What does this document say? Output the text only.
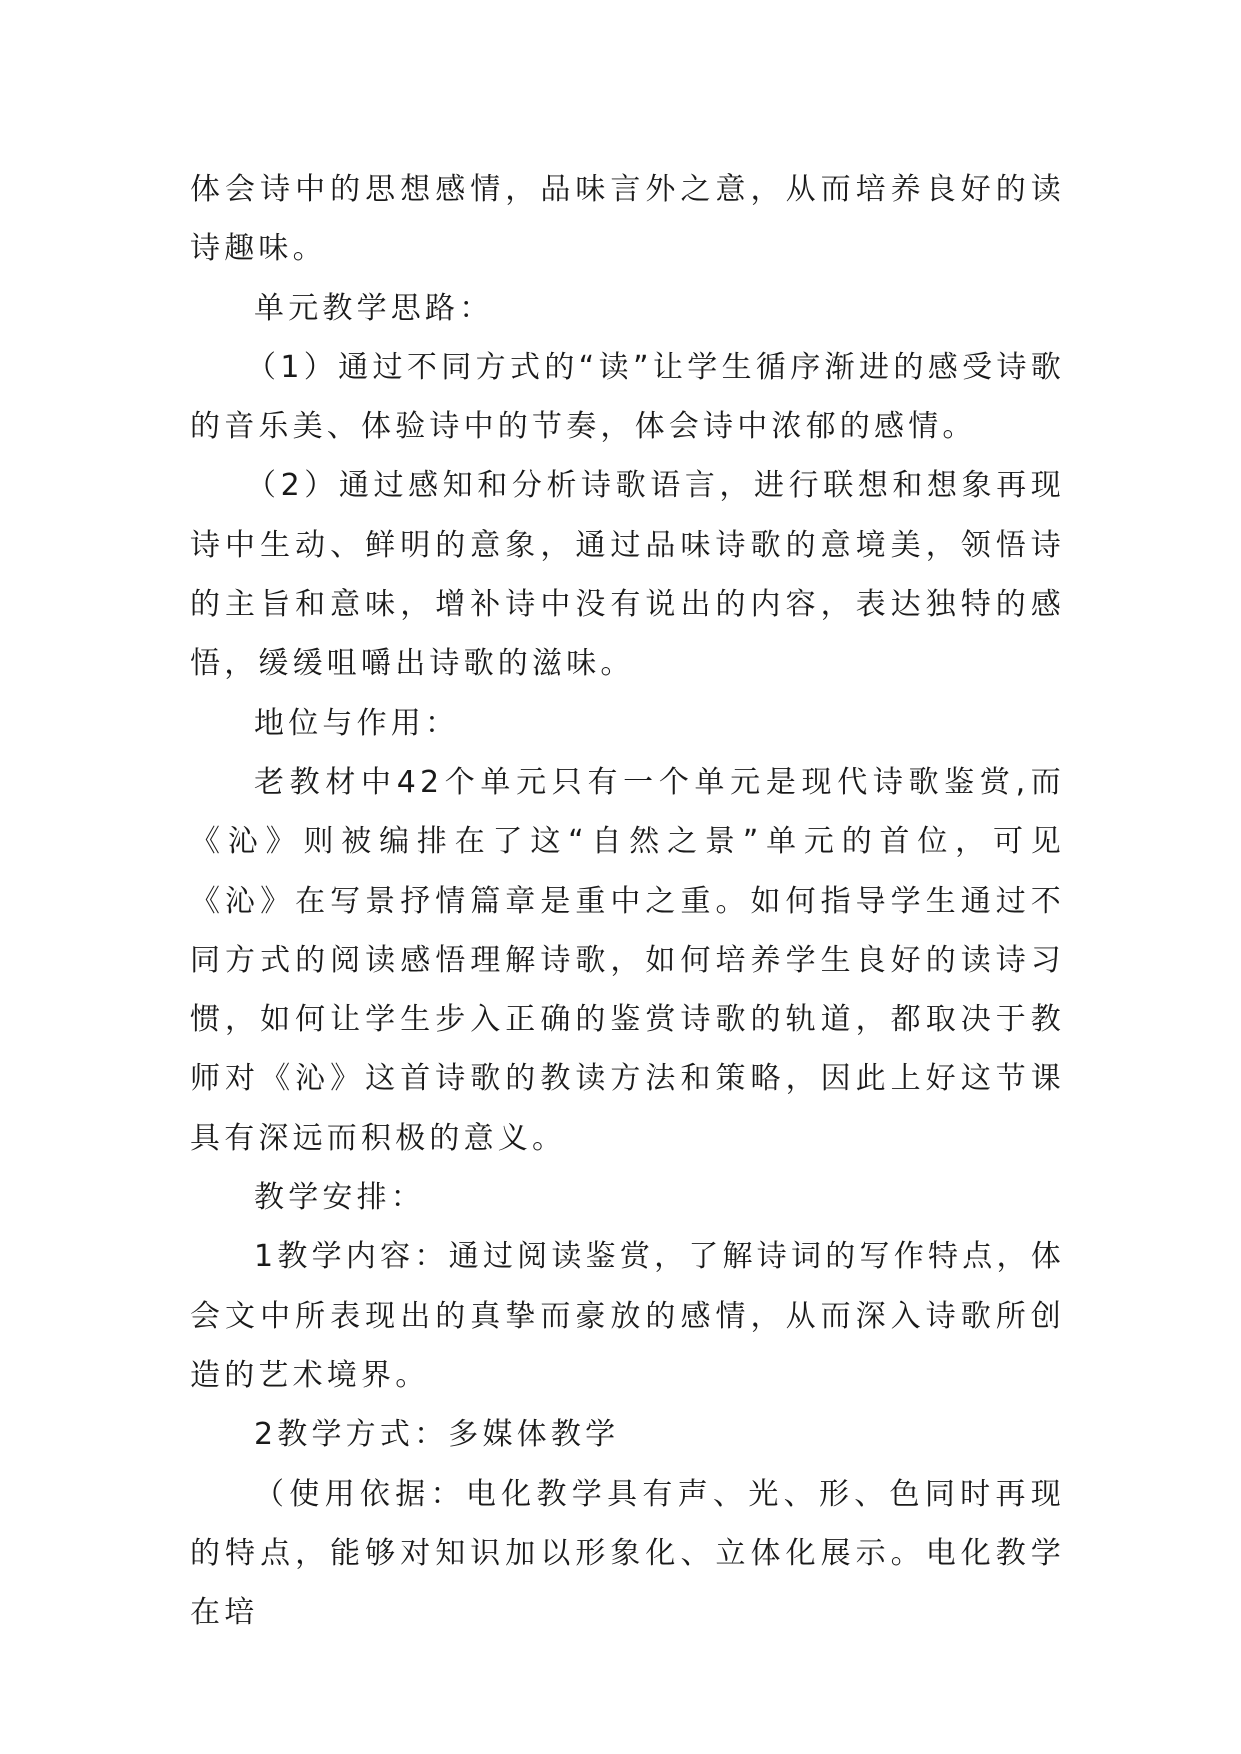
体会诗中的思想感情，品味言外之意，从而培养良好的读诗趣味。

单元教学思路：

（1）通过不同方式的“读”让学生循序渐进的感受诗歌的音乐美、体验诗中的节奏，体会诗中浓郁的感情。

（2）通过感知和分析诗歌语言，进行联想和想象再现诗中生动、鲜明的意象，通过品味诗歌的意境美，领悟诗的主旨和意味，增补诗中没有说出的内容，表达独特的感悟，缓缓咀嚼出诗歌的滋味。

地位与作用：

老教材中42个单元只有一个单元是现代诗歌鉴赏,而《沁》则被编排在了这“自然之景”单元的首位，可见《沁》在写景抒情篇章是重中之重。如何指导学生通过不同方式的阅读感悟理解诗歌，如何培养学生良好的读诗习惯，如何让学生步入正确的鉴赏诗歌的轨道，都取决于教师对《沁》这首诗歌的教读方法和策略，因此上好这节课具有深远而积极的意义。

教学安排：

1教学内容：通过阅读鉴赏，了解诗词的写作特点，体会文中所表现出的真挚而豪放的感情，从而深入诗歌所创造的艺术境界。

2教学方式：多媒体教学

（使用依据：电化教学具有声、光、形、色同时再现的特点，能够对知识加以形象化、立体化展示。电化教学在培
